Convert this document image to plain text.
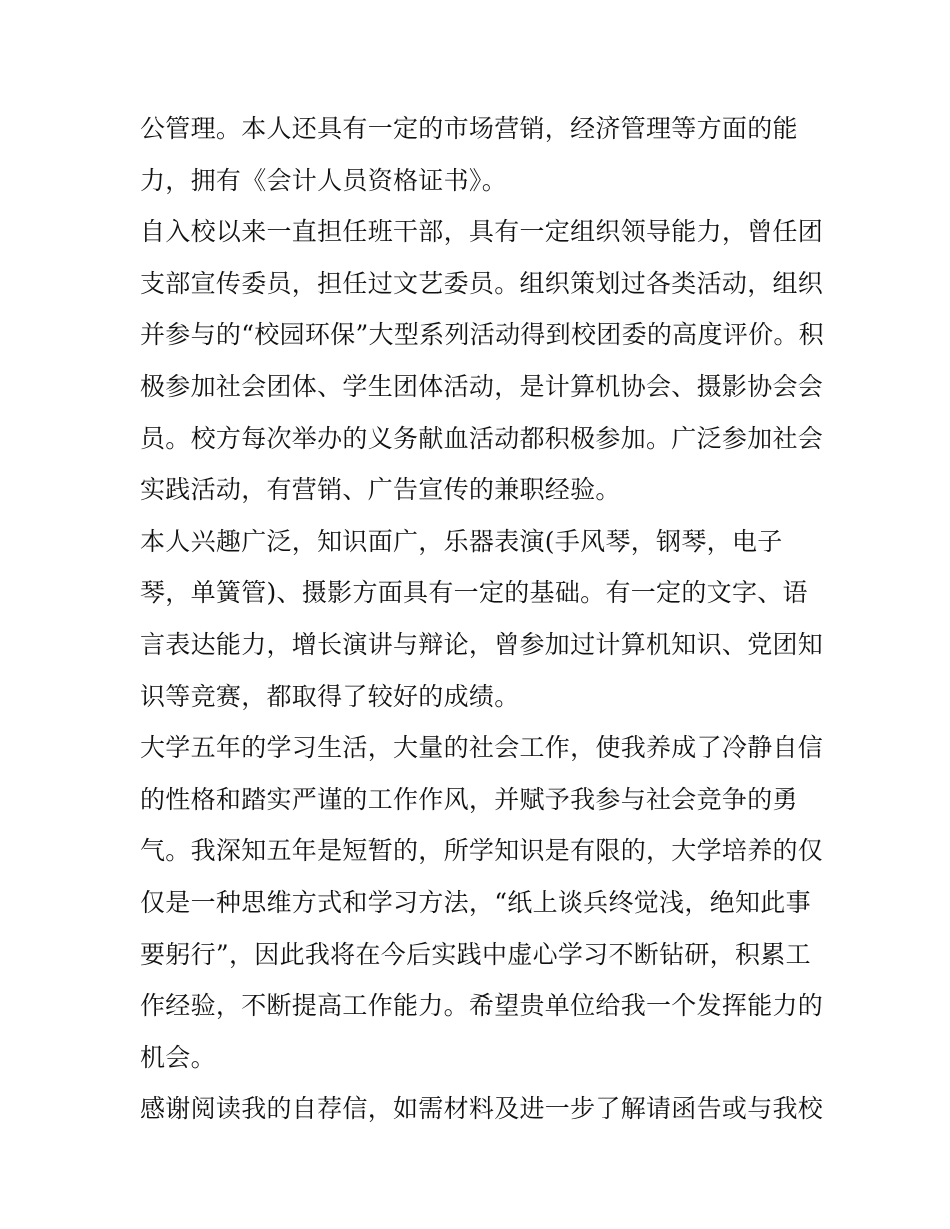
公管理。本人还具有一定的市场营销，经济管理等方面的能
力，拥有《会计人员资格证书》。
自入校以来一直担任班干部，具有一定组织领导能力，曾任团
支部宣传委员，担任过文艺委员。组织策划过各类活动，组织
并参与的“校园环保”大型系列活动得到校团委的高度评价。积
极参加社会团体、学生团体活动，是计算机协会、摄影协会会
员。校方每次举办的义务献血活动都积极参加。广泛参加社会
实践活动，有营销、广告宣传的兼职经验。
本人兴趣广泛，知识面广，乐器表演(手风琴，钢琴，电子
琴，单簧管)、摄影方面具有一定的基础。有一定的文字、语
言表达能力，增长演讲与辩论，曾参加过计算机知识、党团知
识等竞赛，都取得了较好的成绩。
大学五年的学习生活，大量的社会工作，使我养成了冷静自信
的性格和踏实严谨的工作作风，并赋予我参与社会竞争的勇
气。我深知五年是短暂的，所学知识是有限的，大学培养的仅
仅是一种思维方式和学习方法，“纸上谈兵终觉浅，绝知此事
要躬行”，因此我将在今后实践中虚心学习不断钻研，积累工
作经验，不断提高工作能力。希望贵单位给我一个发挥能力的
机会。
感谢阅读我的自荐信，如需材料及进一步了解请函告或与我校
